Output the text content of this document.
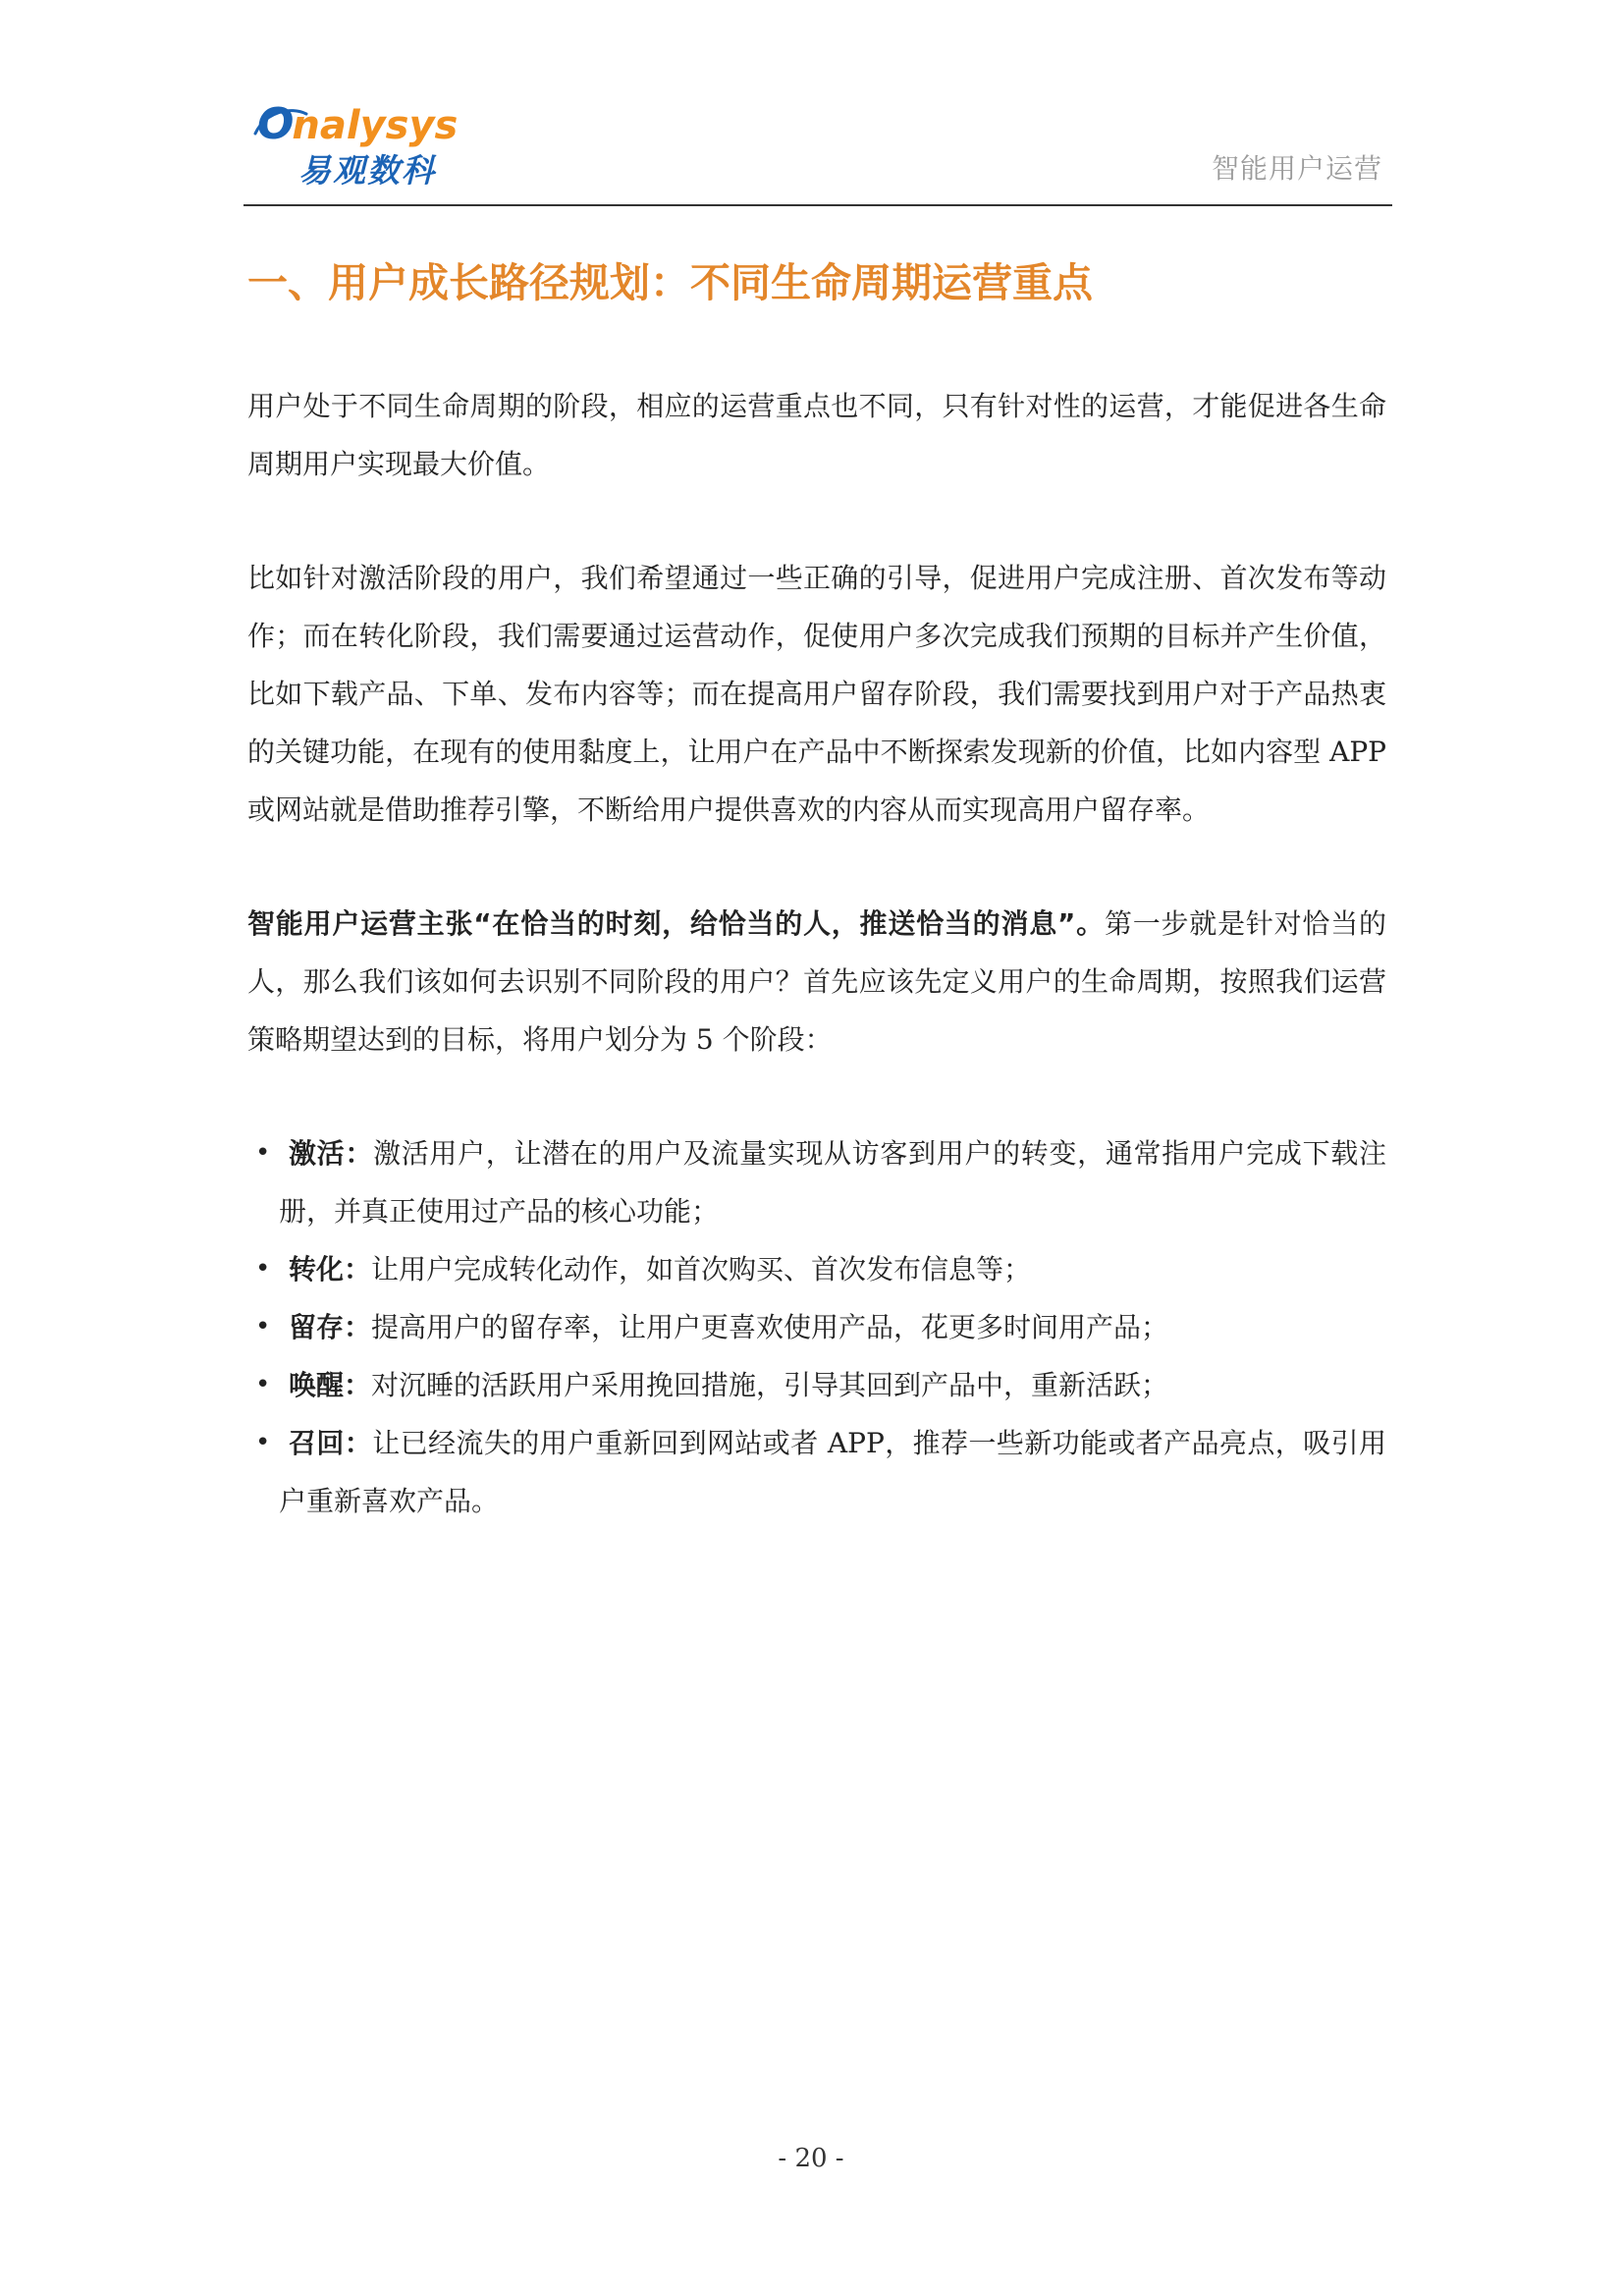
Onalysys
易观数科	智能用户运营
一、用户成长路径规划：不同生命周期运营重点

用户处于不同生命周期的阶段，相应的运营重点也不同，只有针对性的运营，才能促进各生命周期用户实现最大价值。

比如针对激活阶段的用户，我们希望通过一些正确的引导，促进用户完成注册、首次发布等动作；而在转化阶段，我们需要通过运营动作，促使用户多次完成我们预期的目标并产生价值，比如下载产品、下单、发布内容等；而在提高用户留存阶段，我们需要找到用户对于产品热衷的关键功能，在现有的使用黏度上，让用户在产品中不断探索发现新的价值，比如内容型 APP 或网站就是借助推荐引擎，不断给用户提供喜欢的内容从而实现高用户留存率。

智能用户运营主张“在恰当的时刻，给恰当的人，推送恰当的消息”。第一步就是针对恰当的人，那么我们该如何去识别不同阶段的用户？首先应该先定义用户的生命周期，按照我们运营策略期望达到的目标，将用户划分为 5 个阶段：

• 激活：激活用户，让潜在的用户及流量实现从访客到用户的转变，通常指用户完成下载注册，并真正使用过产品的核心功能；
• 转化：让用户完成转化动作，如首次购买、首次发布信息等；
• 留存：提高用户的留存率，让用户更喜欢使用产品，花更多时间用产品；
• 唤醒：对沉睡的活跃用户采用挽回措施，引导其回到产品中，重新活跃；
• 召回：让已经流失的用户重新回到网站或者 APP，推荐一些新功能或者产品亮点，吸引用户重新喜欢产品。
- 20 -
